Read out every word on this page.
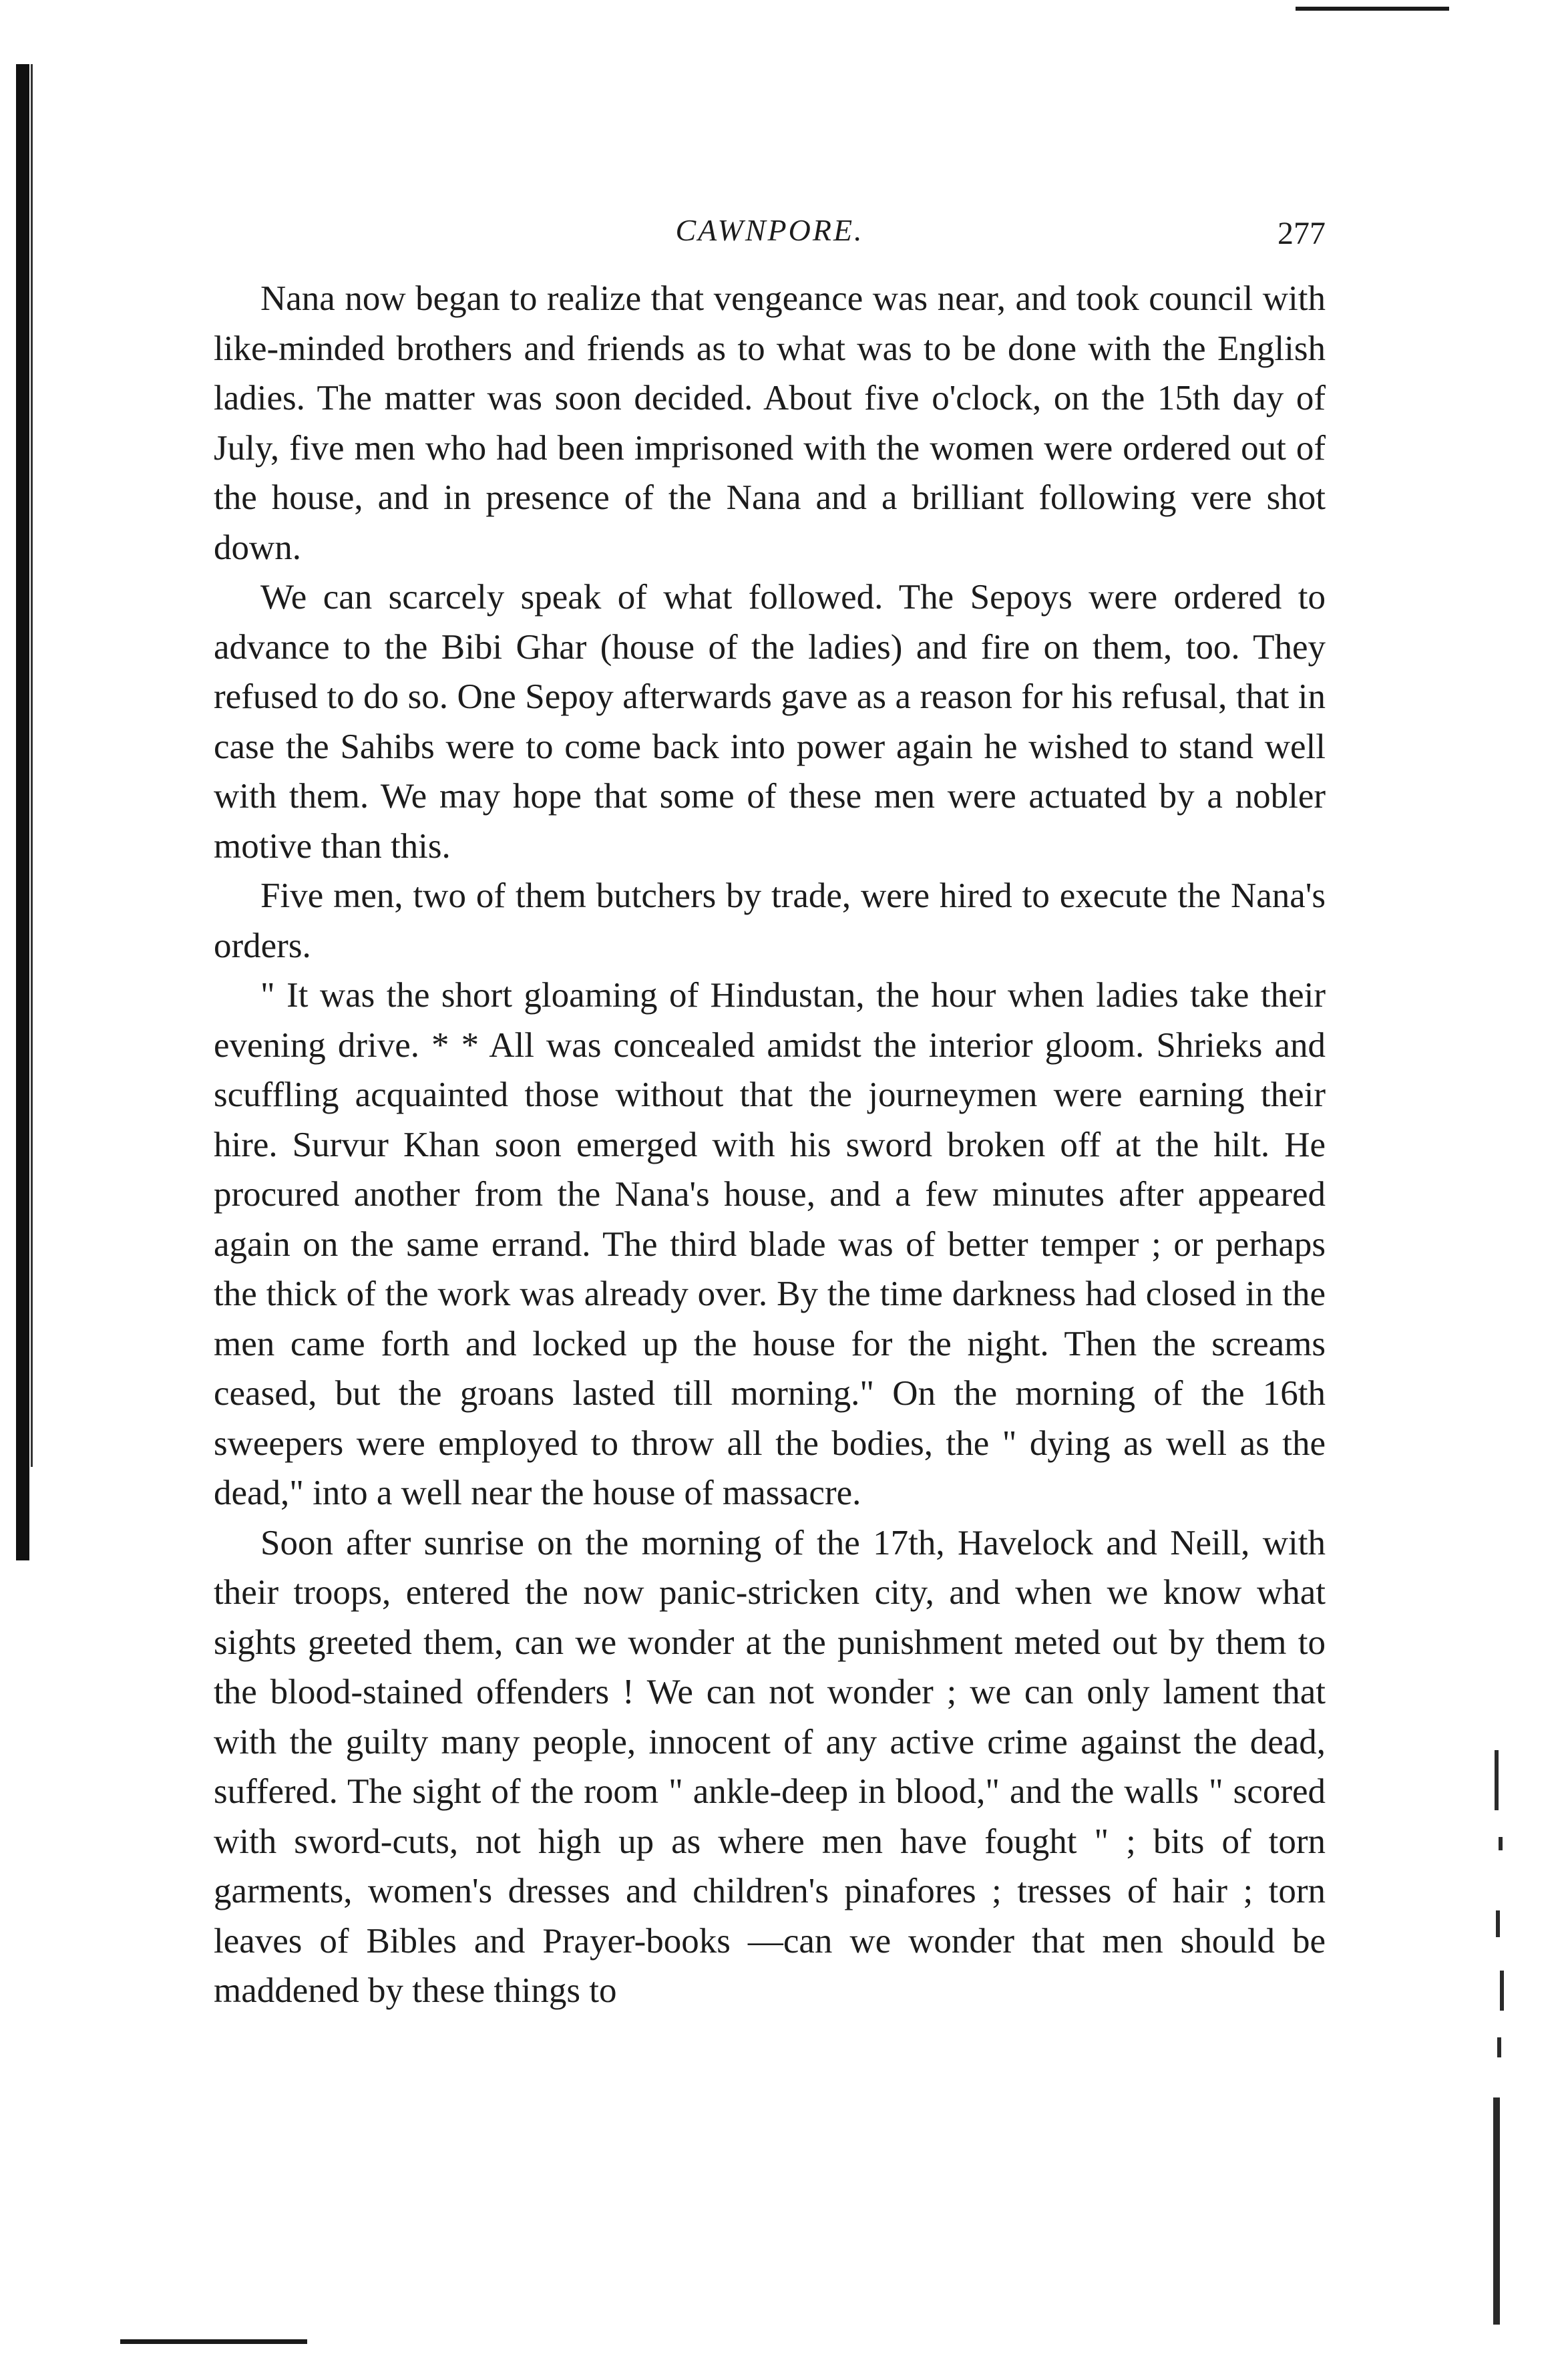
CAWNPORE.	277

Nana now began to realize that vengeance was near, and took council with like-minded brothers and friends as to what was to be done with the English ladies. The matter was soon decided. About five o'clock, on the 15th day of July, five men who had been imprisoned with the women were ordered out of the house, and in presence of the Nana and a brilliant following vere shot down.

We can scarcely speak of what followed. The Sepoys were ordered to advance to the Bibi Ghar (house of the ladies) and fire on them, too. They refused to do so. One Sepoy afterwards gave as a reason for his refusal, that in case the Sahibs were to come back into power again he wished to stand well with them. We may hope that some of these men were actuated by a nobler motive than this.

Five men, two of them butchers by trade, were hired to execute the Nana's orders.

" It was the short gloaming of Hindustan, the hour when ladies take their evening drive. * * All was concealed amidst the interior gloom. Shrieks and scuffling acquainted those without that the journeymen were earning their hire. Survur Khan soon emerged with his sword broken off at the hilt. He procured another from the Nana's house, and a few minutes after appeared again on the same errand. The third blade was of better temper ; or perhaps the thick of the work was already over. By the time darkness had closed in the men came forth and locked up the house for the night. Then the screams ceased, but the groans lasted till morning." On the morning of the 16th sweepers were employed to throw all the bodies, the " dying as well as the dead," into a well near the house of massacre.

Soon after sunrise on the morning of the 17th, Havelock and Neill, with their troops, entered the now panic-stricken city, and when we know what sights greeted them, can we wonder at the punishment meted out by them to the blood-stained offenders ! We can not wonder ; we can only lament that with the guilty many people, innocent of any active crime against the dead, suffered. The sight of the room " ankle-deep in blood," and the walls " scored with sword-cuts, not high up as where men have fought " ; bits of torn garments, women's dresses and children's pinafores ; tresses of hair ; torn leaves of Bibles and Prayer-books —can we wonder that men should be maddened by these things to
